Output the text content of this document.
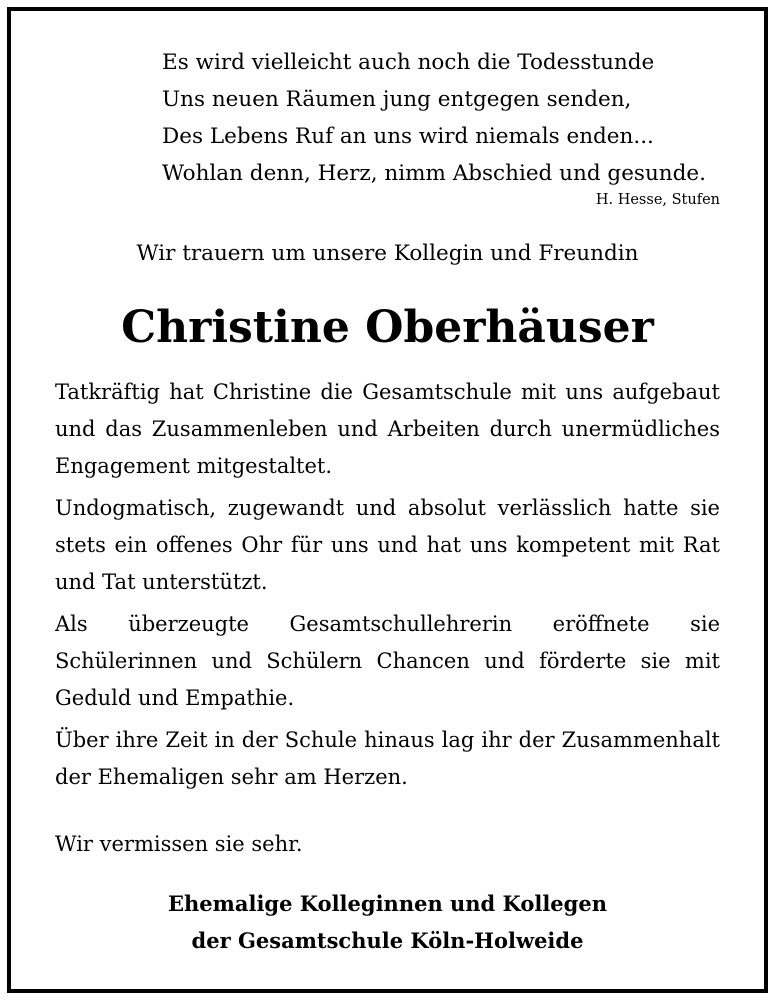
Es wird vielleicht auch noch die Todesstunde
Uns neuen Räumen jung entgegen senden,
Des Lebens Ruf an uns wird niemals enden...
Wohlan denn, Herz, nimm Abschied und gesunde.
H. Hesse, Stufen
Wir trauern um unsere Kollegin und Freundin
Christine Oberhäuser

Tatkräftig hat Christine die Gesamtschule mit uns aufgebaut und das Zusammenleben und Arbeiten durch unermüdliches Engagement mitgestaltet.

Undogmatisch, zugewandt und absolut verlässlich hatte sie stets ein offenes Ohr für uns und hat uns kompetent mit Rat und Tat unterstützt.

Als überzeugte Gesamtschullehrerin eröffnete sie Schülerinnen und Schülern Chancen und förderte sie mit Geduld und Empathie.

Über ihre Zeit in der Schule hinaus lag ihr der Zusammenhalt der Ehemaligen sehr am Herzen.

Wir vermissen sie sehr.
Ehemalige Kolleginnen und Kollegen
der Gesamtschule Köln-Holweide
